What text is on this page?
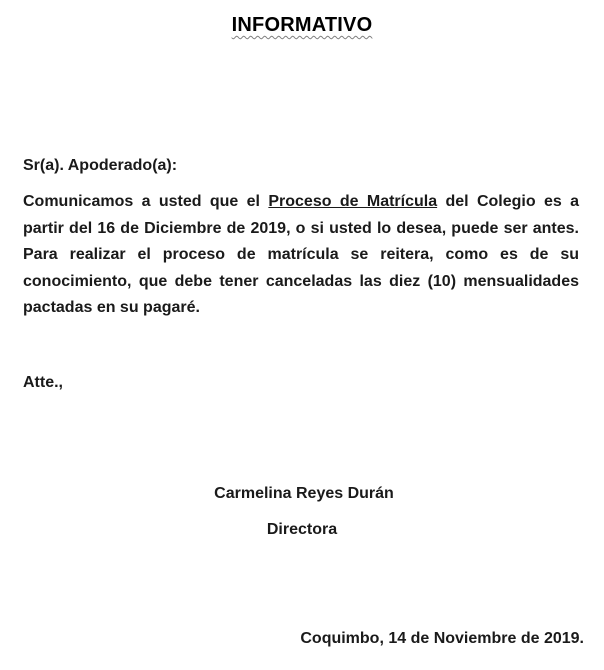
INFORMATIVO
Sr(a). Apoderado(a):
Comunicamos a usted que el Proceso de Matrícula del Colegio es a partir del 16 de Diciembre de 2019, o si usted lo desea, puede ser antes. Para realizar el proceso de matrícula se reitera, como es de su conocimiento, que debe tener canceladas las diez (10) mensualidades pactadas en su pagaré.
Atte.,
Carmelina Reyes Durán
Directora
Coquimbo, 14 de Noviembre de 2019.
